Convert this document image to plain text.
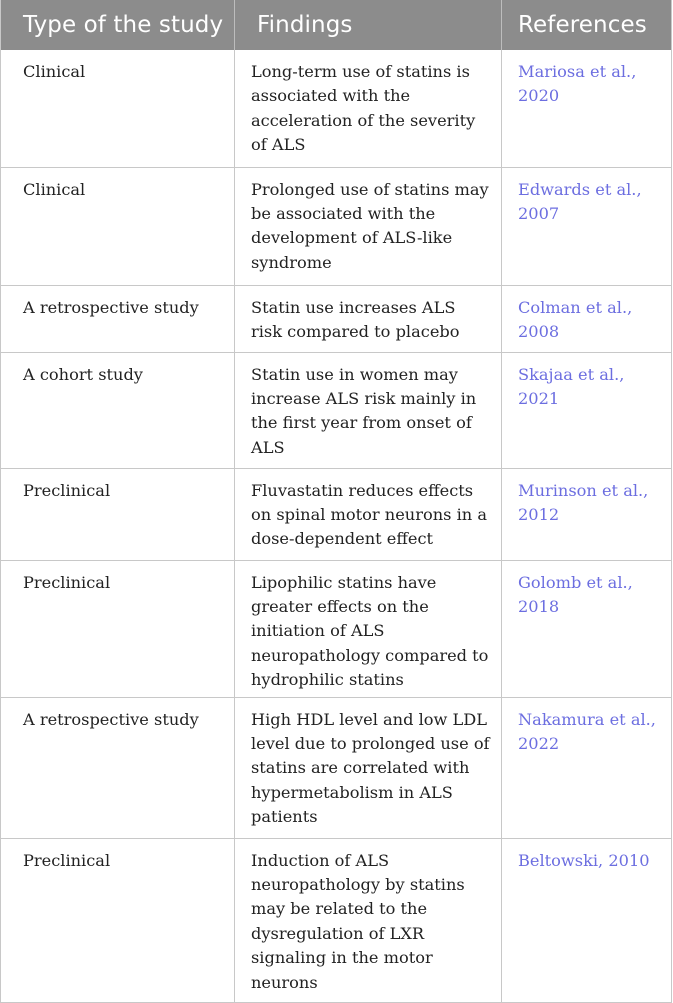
Type of the study	Findings	References
Clinical	Long-term use of statins is associated with the acceleration of the severity of ALS	Mariosa et al., 2020
Clinical	Prolonged use of statins may be associated with the development of ALS-like syndrome	Edwards et al., 2007
A retrospective study	Statin use increases ALS risk compared to placebo	Colman et al., 2008
A cohort study	Statin use in women may increase ALS risk mainly in the first year from onset of ALS	Skajaa et al., 2021
Preclinical	Fluvastatin reduces effects on spinal motor neurons in a dose-dependent effect	Murinson et al., 2012
Preclinical	Lipophilic statins have greater effects on the initiation of ALS neuropathology compared to hydrophilic statins	Golomb et al., 2018
A retrospective study	High HDL level and low LDL level due to prolonged use of statins are correlated with hypermetabolism in ALS patients	Nakamura et al., 2022
Preclinical	Induction of ALS neuropathology by statins may be related to the dysregulation of LXR signaling in the motor neurons	Beltowski, 2010
